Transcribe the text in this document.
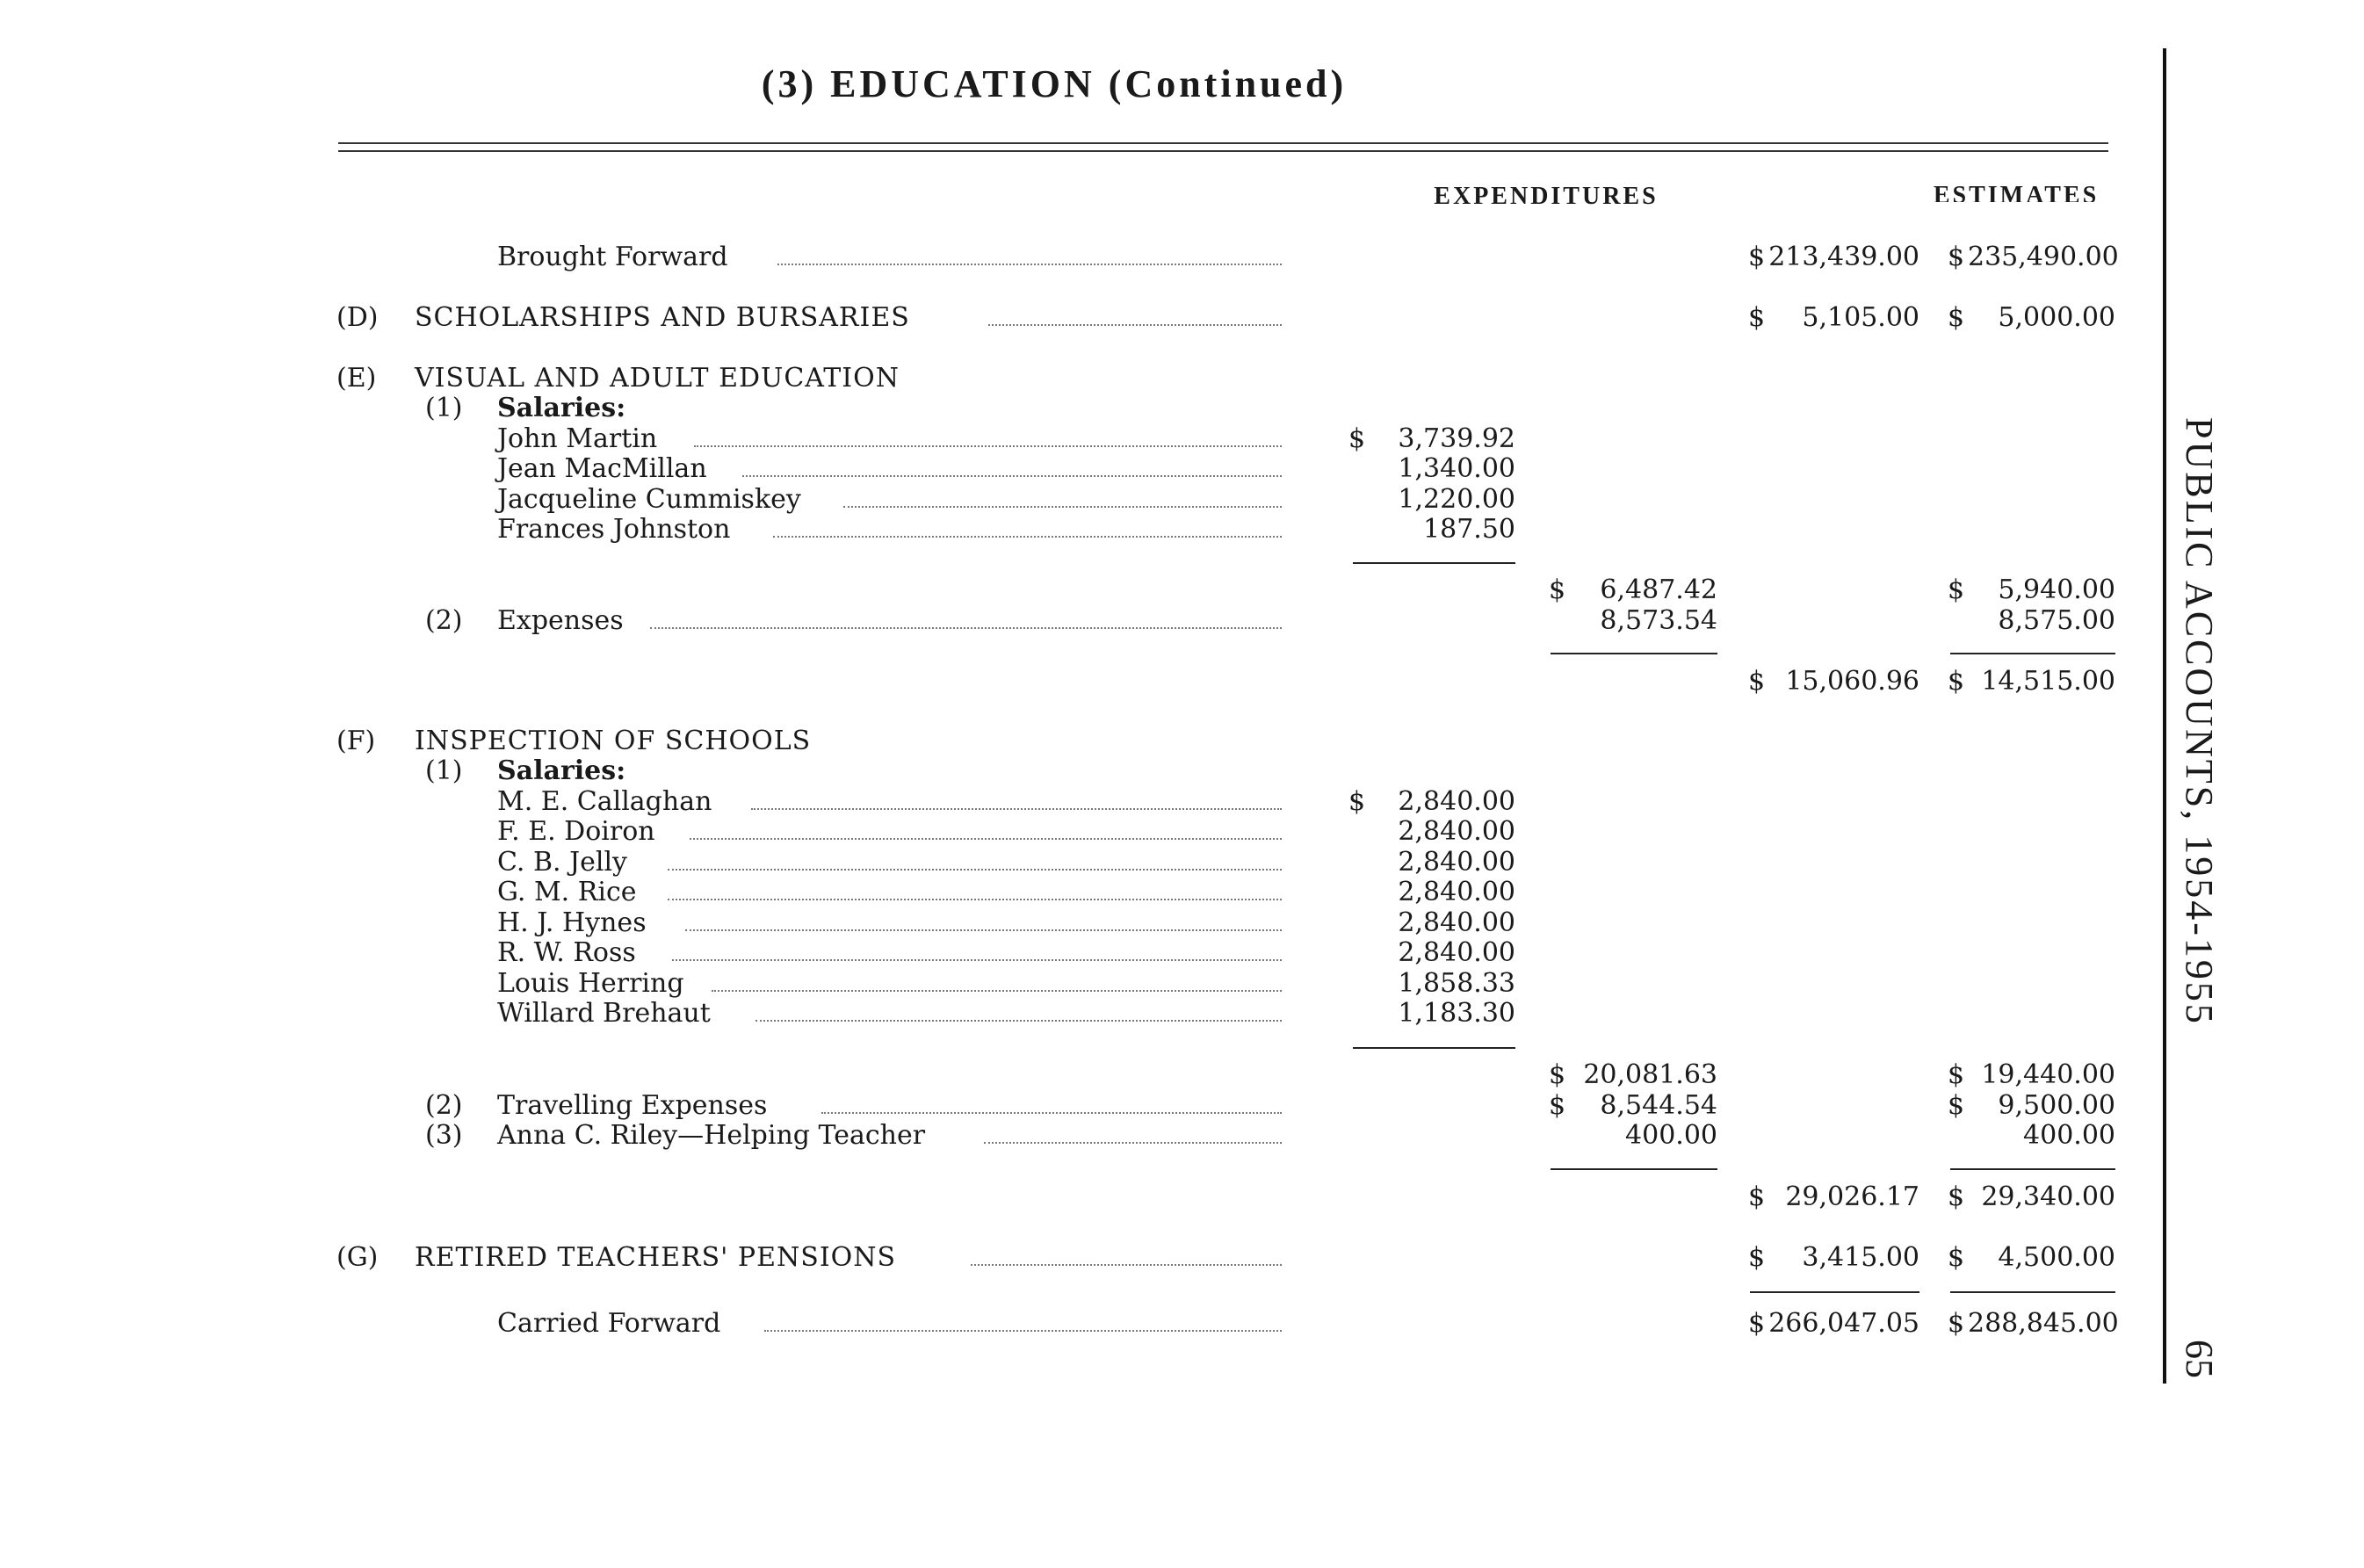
(3) EDUCATION (Continued)
EXPENDITURES	ESTIMATES
PUBLIC ACCOUNTS, 1954-1955
65
Brought Forward	$ 213,439.00 $ 235,490.00
(D) SCHOLARSHIPS AND BURSARIES	$	5,105.00 $	5,000.00
(E) VISUAL AND ADULT EDUCATION
(1) Salaries:
John Martin	$	3,739.92
Jean MacMillan	1,340.00
Jacqueline Cummiskey	1,220.00
Frances Johnston	187.50
$	6,487.42	$	5,940.00
(2) Expenses	8,573.54	8,575.00
$ 15,060.96 $ 14,515.00
(F) INSPECTION OF SCHOOLS
(1) Salaries:
M. E. Callaghan	$	2,840.00
F. E. Doiron	2,840.00
C. B. Jelly	2,840.00
G. M. Rice	2,840.00
H. J. Hynes	2,840.00
R. W. Ross	2,840.00
Louis Herring	1,858.33
Willard Brehaut	1,183.30
$ 20,081.63	$ 19,440.00
(2) Travelling Expenses	$	8,544.54	$	9,500.00
(3) Anna C. Riley—Helping Teacher	400.00	400.00
$ 29,026.17 $ 29,340.00
(G) RETIRED TEACHERS' PENSIONS	$	3,415.00 $	4,500.00
Carried Forward	$ 266,047.05 $ 288,845.00
